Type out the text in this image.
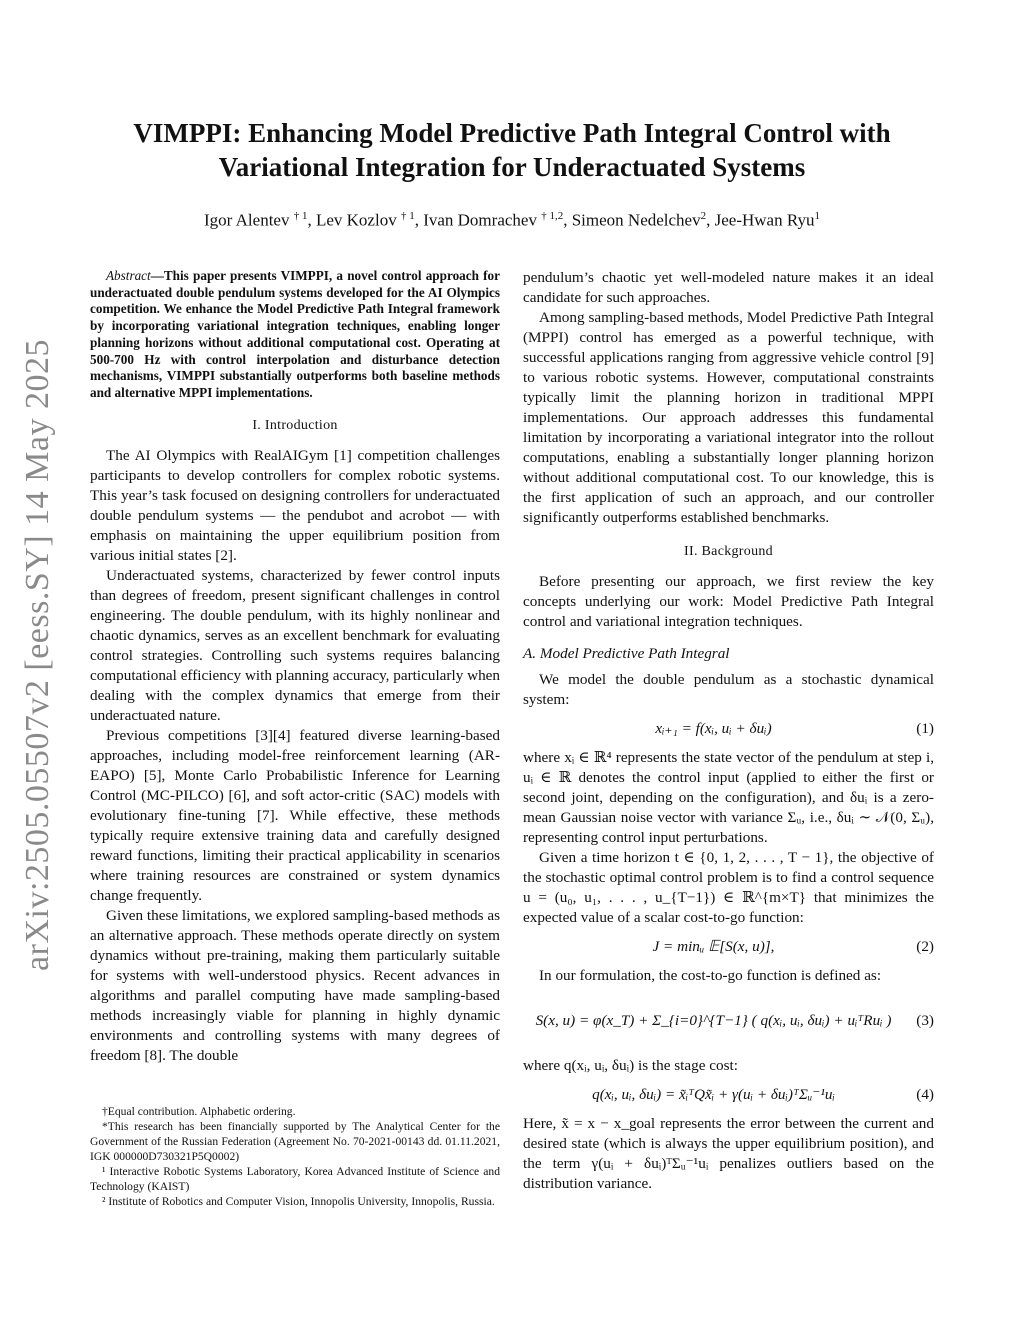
arXiv:2505.05507v2 [eess.SY] 14 May 2025
VIMPPI: Enhancing Model Predictive Path Integral Control with
Variational Integration for Underactuated Systems
Igor Alentev $^{\dagger 1}$, Lev Kozlov $^{\dagger 1}$, Ivan Domrachev $^{\dagger 1,2}$, Simeon Nedelchev$^2$, Jee-Hwan Ryu$^1$

Abstract—This paper presents VIMPPI, a novel control approach for underactuated double pendulum systems developed for the AI Olympics competition. We enhance the Model Predictive Path Integral framework by incorporating variational integration techniques, enabling longer planning horizons without additional computational cost. Operating at 500-700 Hz with control interpolation and disturbance detection mechanisms, VIMPPI substantially outperforms both baseline methods and alternative MPPI implementations.

I. Introduction

The AI Olympics with RealAIGym [1] competition challenges participants to develop controllers for complex robotic systems. This year’s task focused on designing controllers for underactuated double pendulum systems — the pendubot and acrobot — with emphasis on maintaining the upper equilibrium position from various initial states [2].

Underactuated systems, characterized by fewer control inputs than degrees of freedom, present significant challenges in control engineering. The double pendulum, with its highly nonlinear and chaotic dynamics, serves as an excellent benchmark for evaluating control strategies. Controlling such systems requires balancing computational efficiency with planning accuracy, particularly when dealing with the complex dynamics that emerge from their underactuated nature.

Previous competitions [3][4] featured diverse learning-based approaches, including model-free reinforcement learning (AR-EAPO) [5], Monte Carlo Probabilistic Inference for Learning Control (MC-PILCO) [6], and soft actor-critic (SAC) models with evolutionary fine-tuning [7]. While effective, these methods typically require extensive training data and carefully designed reward functions, limiting their practical applicability in scenarios where training resources are constrained or system dynamics change frequently.

Given these limitations, we explored sampling-based methods as an alternative approach. These methods operate directly on system dynamics without pre-training, making them particularly suitable for systems with well-understood physics. Recent advances in algorithms and parallel computing have made sampling-based methods increasingly viable for planning in highly dynamic environments and controlling systems with many degrees of freedom [8]. The double

†Equal contribution. Alphabetic ordering.

*This research has been financially supported by The Analytical Center for the Government of the Russian Federation (Agreement No. 70-2021-00143 dd. 01.11.2021, IGK 000000D730321P5Q0002)

¹ Interactive Robotic Systems Laboratory, Korea Advanced Institute of Science and Technology (KAIST)

² Institute of Robotics and Computer Vision, Innopolis University, Innopolis, Russia.

pendulum’s chaotic yet well-modeled nature makes it an ideal candidate for such approaches.

Among sampling-based methods, Model Predictive Path Integral (MPPI) control has emerged as a powerful technique, with successful applications ranging from aggressive vehicle control [9] to various robotic systems. However, computational constraints typically limit the planning horizon in traditional MPPI implementations. Our approach addresses this fundamental limitation by incorporating a variational integrator into the rollout computations, enabling a substantially longer planning horizon without additional computational cost. To our knowledge, this is the first application of such an approach, and our controller significantly outperforms established benchmarks.

II. Background

Before presenting our approach, we first review the key concepts underlying our work: Model Predictive Path Integral control and variational integration techniques.

A. Model Predictive Path Integral

We model the double pendulum as a stochastic dynamical system:

xᵢ₊₁ = f(xᵢ, uᵢ + δuᵢ)	(1)

where xᵢ ∈ ℝ⁴ represents the state vector of the pendulum at step i, uᵢ ∈ ℝ denotes the control input (applied to either the first or second joint, depending on the configuration), and δuᵢ is a zero-mean Gaussian noise vector with variance Σᵤ, i.e., δuᵢ ∼ 𝒩(0, Σᵤ), representing control input perturbations.

Given a time horizon t ∈ {0, 1, 2, . . . , T − 1}, the objective of the stochastic optimal control problem is to find a control sequence u = (u₀, u₁, . . . , u_{T−1}) ∈ ℝ^{m×T} that minimizes the expected value of a scalar cost-to-go function:

J = minᵤ 𝔼[S(x, u)],	(2)

In our formulation, the cost-to-go function is defined as:

S(x, u) = φ(x_T) + Σ_{i=0}^{T−1} ( q(xᵢ, uᵢ, δuᵢ) + uᵢᵀRuᵢ )	(3)

where q(xᵢ, uᵢ, δuᵢ) is the stage cost:

q(xᵢ, uᵢ, δuᵢ) = x̃ᵢᵀQx̃ᵢ + γ(uᵢ + δuᵢ)ᵀΣᵤ⁻¹uᵢ	(4)

Here, x̃ = x − x_goal represents the error between the current and desired state (which is always the upper equilibrium position), and the term γ(uᵢ + δuᵢ)ᵀΣᵤ⁻¹uᵢ penalizes outliers based on the distribution variance.
